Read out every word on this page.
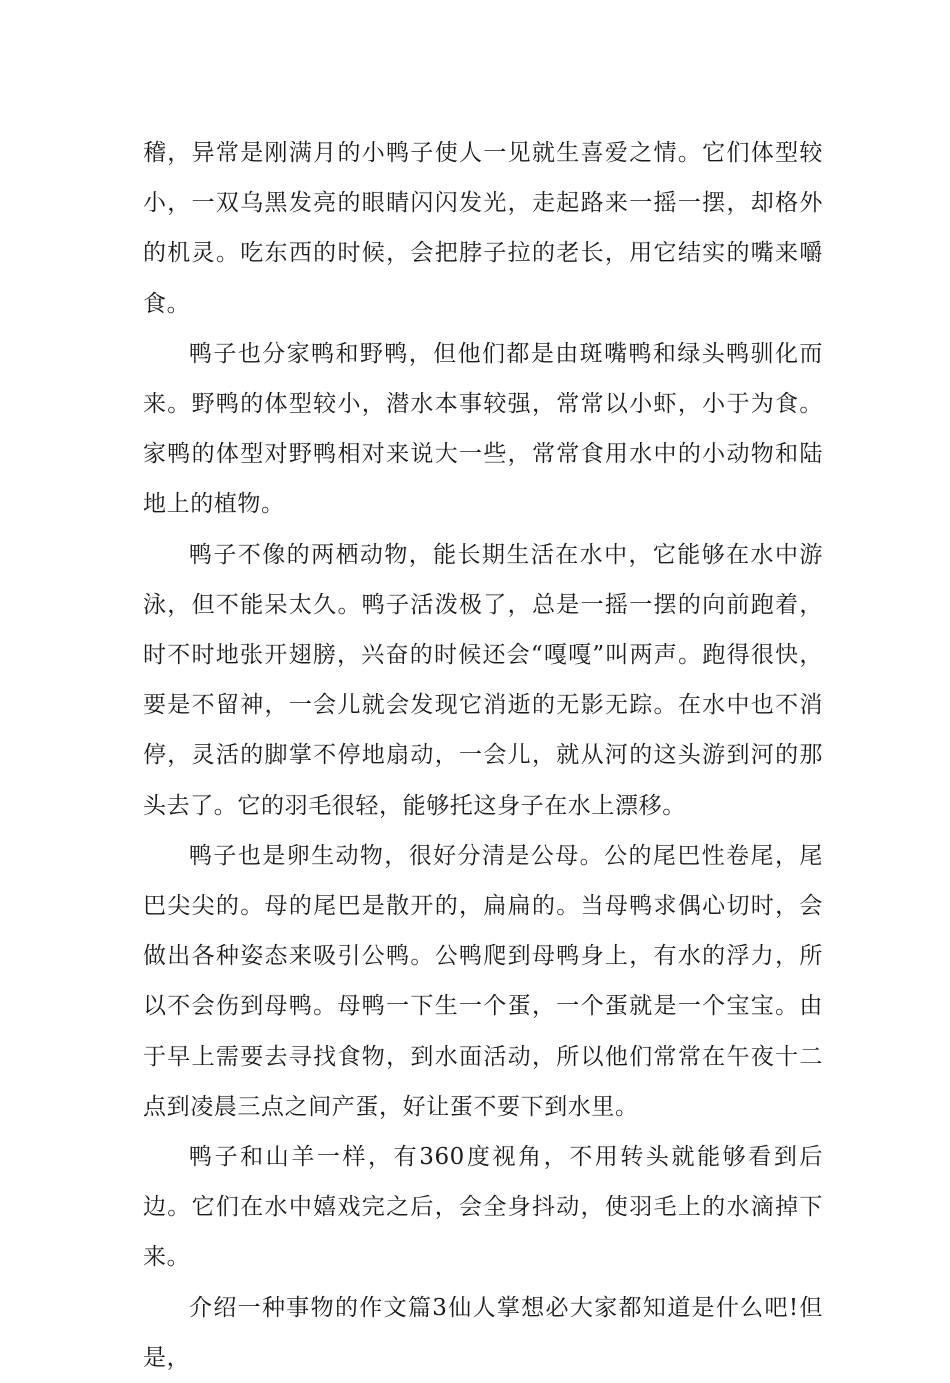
稽，异常是刚满月的小鸭子使人一见就生喜爱之情。它们体型较小，一双乌黑发亮的眼睛闪闪发光，走起路来一摇一摆，却格外的机灵。吃东西的时候，会把脖子拉的老长，用它结实的嘴来嚼食。

鸭子也分家鸭和野鸭，但他们都是由斑嘴鸭和绿头鸭驯化而来。野鸭的体型较小，潜水本事较强，常常以小虾，小于为食。家鸭的体型对野鸭相对来说大一些，常常食用水中的小动物和陆地上的植物。

鸭子不像的两栖动物，能长期生活在水中，它能够在水中游泳，但不能呆太久。鸭子活泼极了，总是一摇一摆的向前跑着，时不时地张开翅膀，兴奋的时候还会“嘎嘎”叫两声。跑得很快，要是不留神，一会儿就会发现它消逝的无影无踪。在水中也不消停，灵活的脚掌不停地扇动，一会儿，就从河的这头游到河的那头去了。它的羽毛很轻，能够托这身子在水上漂移。

鸭子也是卵生动物，很好分清是公母。公的尾巴性卷尾，尾巴尖尖的。母的尾巴是散开的，扁扁的。当母鸭求偶心切时，会做出各种姿态来吸引公鸭。公鸭爬到母鸭身上，有水的浮力，所以不会伤到母鸭。母鸭一下生一个蛋，一个蛋就是一个宝宝。由于早上需要去寻找食物，到水面活动，所以他们常常在午夜十二点到凌晨三点之间产蛋，好让蛋不要下到水里。

鸭子和山羊一样，有360度视角，不用转头就能够看到后边。它们在水中嬉戏完之后，会全身抖动，使羽毛上的水滴掉下来。

介绍一种事物的作文篇3仙人掌想必大家都知道是什么吧!但是，
